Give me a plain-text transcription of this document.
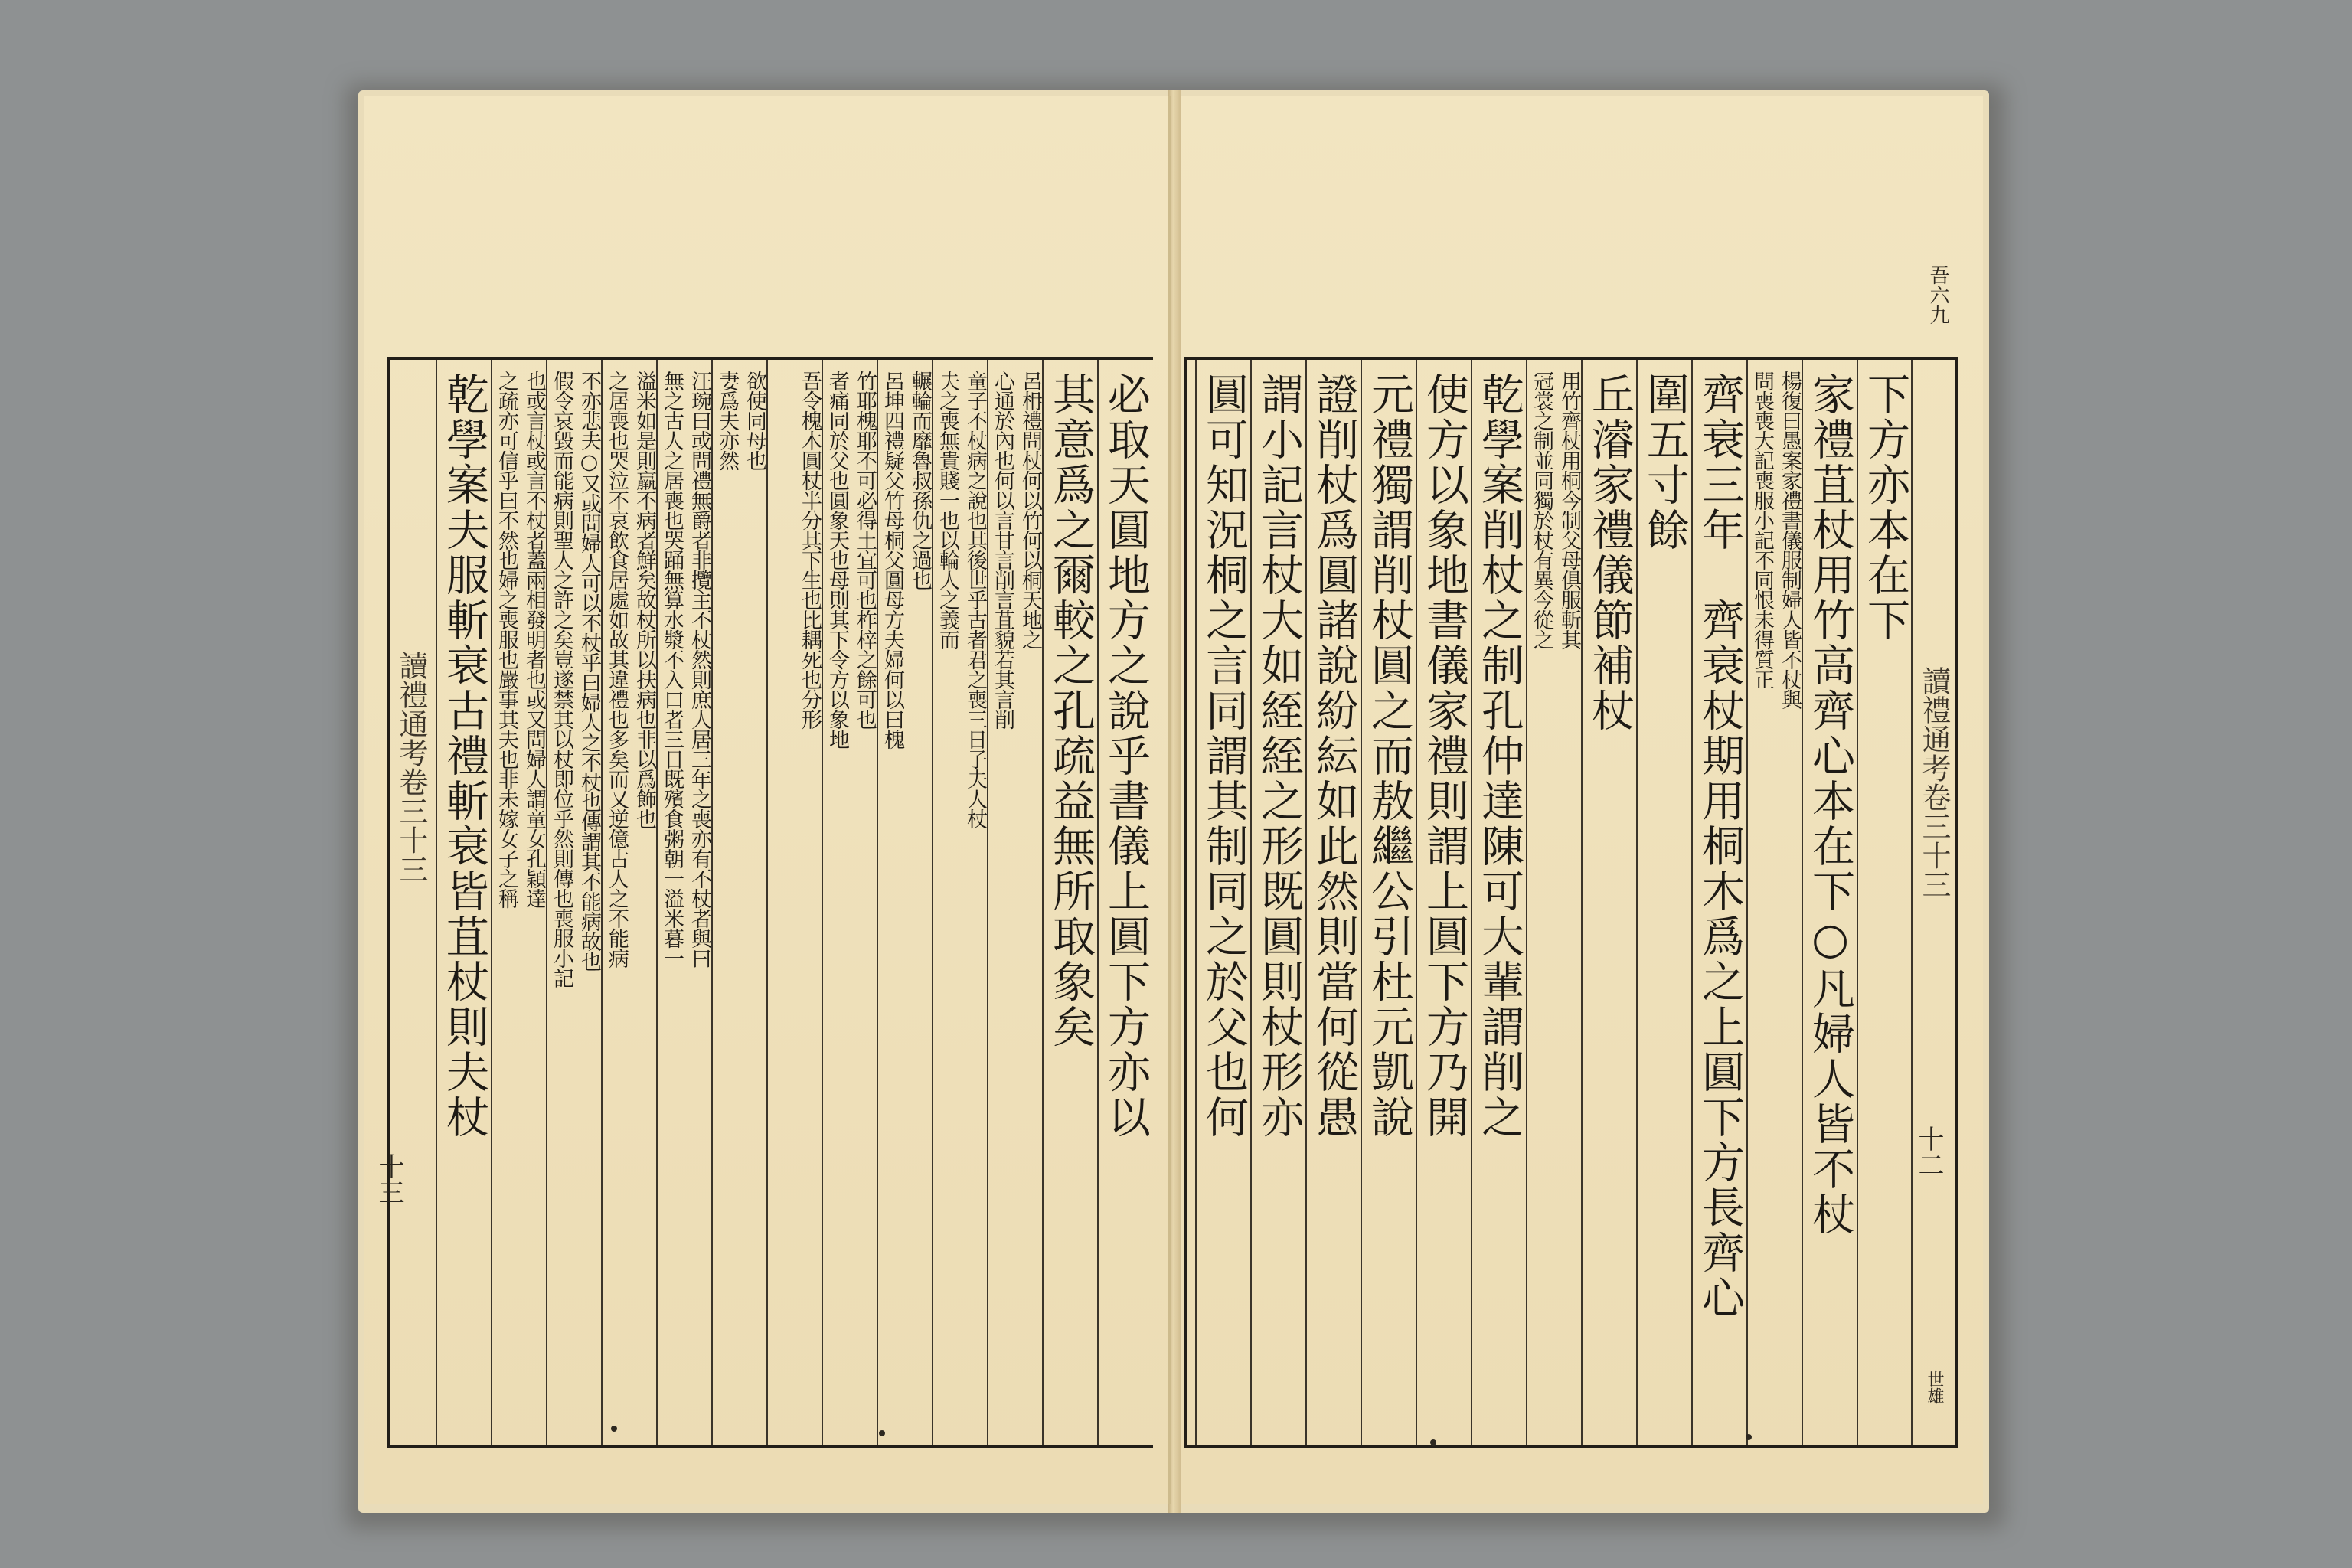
讀禮通考卷三十三	必取天圓地方之說乎書儀上圓下方亦以
其意爲之爾較之孔疏益無所取象矣
呂枏禮問杖何以竹何以桐天地之
心通於內也何以言甘言削言苴貌若其言削
童子不杖病之說也其後世乎古者君之喪三日子夫人杖
夫之喪無貴賤一也以輪人之義而
輾輪而靡魯叔孫仇之過也
呂坤四禮疑父竹母桐父圓母方夫婦何以曰槐
竹耶槐耶不可必得土宜可也柞梓之餘可也
者痛同於父也圓象天也母則其下令方以象地
吾令槐木圓杖半分其下生也比耦死也分形
欲使同母也
妻爲夫亦然
汪琬曰或問禮無爵者非攬主不杖然則庶人居三年之喪亦有不杖者與曰
無之古人之居喪也哭踊無算水漿不入口者三日既殯食粥朝一溢米暮一
溢米如是則羸不病者鮮矣故杖所以扶病也非以爲飾也
之居喪也哭泣不哀飲食居處如故其違禮也多矣而又逆億古人之不能病
不亦悲夫○又或問婦人可以不杖乎曰婦人之不杖也傳謂其不能病故也
假令哀毀而能病則聖人之許之矣豈遂禁其以杖即位乎然則傳也喪服小記
也或言杖或言不杖者蓋兩相發明者也或又問婦人謂童女孔穎達
之疏亦可信乎曰不然也婦之喪服也嚴事其夫也非未嫁女子之稱
乾學案夫服斬衰古禮斬衰皆苴杖則夫杖
十三
讀禮通考卷三十三
吾六九
十二
世雄
下方亦本在下
家禮苴杖用竹高齊心本在下○凡婦人皆不杖
楊復曰愚案家禮書儀服制婦人皆不杖與
問喪喪大記喪服小記不同恨未得質正
齊衰三年　齊衰杖期用桐木爲之上圓下方長齊心
圍五寸餘
丘濬家禮儀節補杖
用竹齊杖用桐今制父母俱服斬其
冠裳之制並同獨於杖有異今從之
乾學案削杖之制孔仲達陳可大輩謂削之
使方以象地書儀家禮則謂上圓下方乃開
元禮獨謂削杖圓之而敖繼公引杜元凱說
證削杖爲圓諸說紛紜如此然則當何從愚
謂小記言杖大如絰絰之形既圓則杖形亦
圓可知況桐之言同謂其制同之於父也何
